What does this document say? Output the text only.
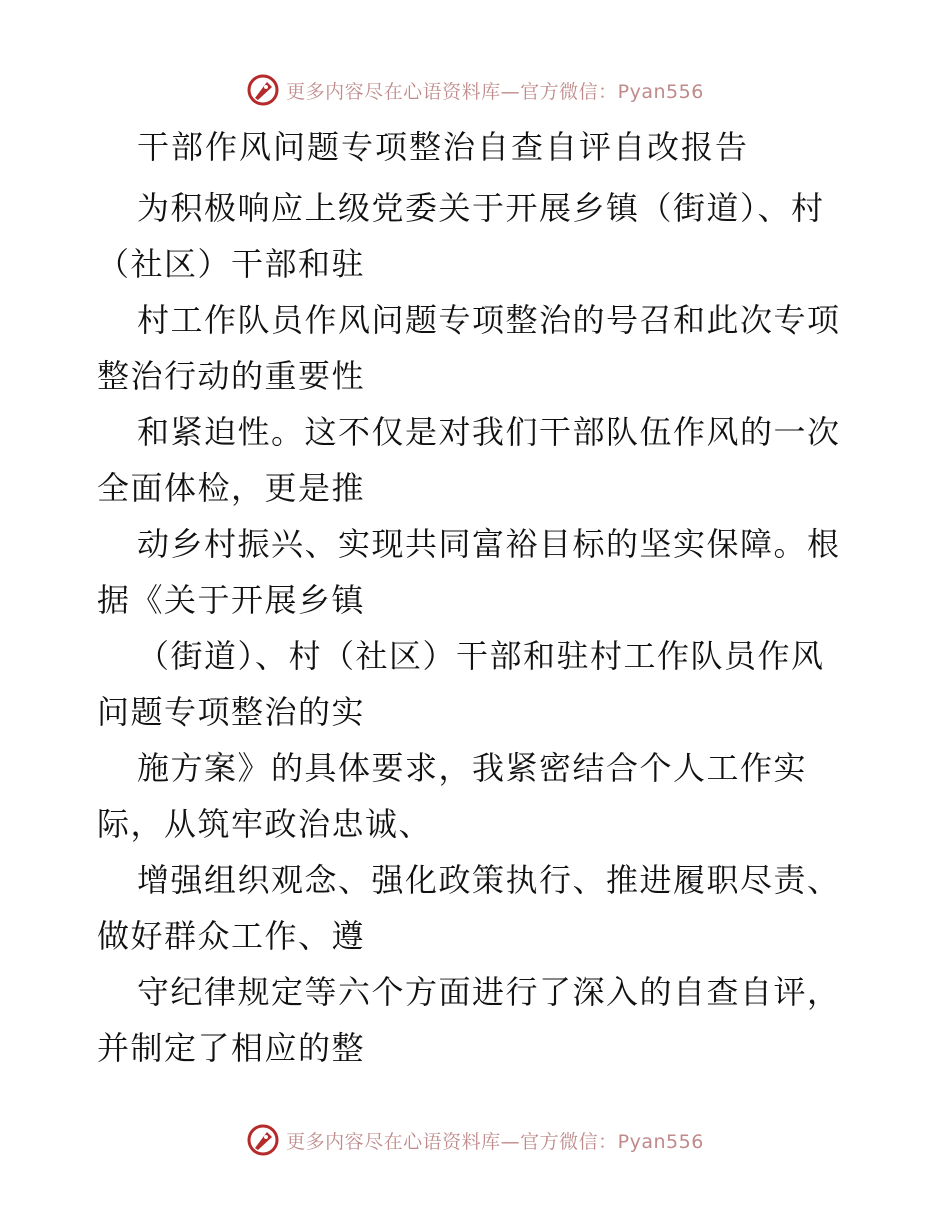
更多内容尽在心语资料库—官方微信：Pyan556
干部作风问题专项整治自查自评自改报告

为积极响应上级党委关于开展乡镇（街道）、村
（社区）干部和驻

村工作队员作风问题专项整治的号召和此次专项
整治行动的重要性

和紧迫性。这不仅是对我们干部队伍作风的一次
全面体检，更是推

动乡村振兴、实现共同富裕目标的坚实保障。根
据《关于开展乡镇

（街道）、村（社区）干部和驻村工作队员作风
问题专项整治的实

施方案》的具体要求，我紧密结合个人工作实
际，从筑牢政治忠诚、

增强组织观念、强化政策执行、推进履职尽责、
做好群众工作、遵

守纪律规定等六个方面进行了深入的自查自评，
并制定了相应的整

更多内容尽在心语资料库—官方微信：Pyan556
